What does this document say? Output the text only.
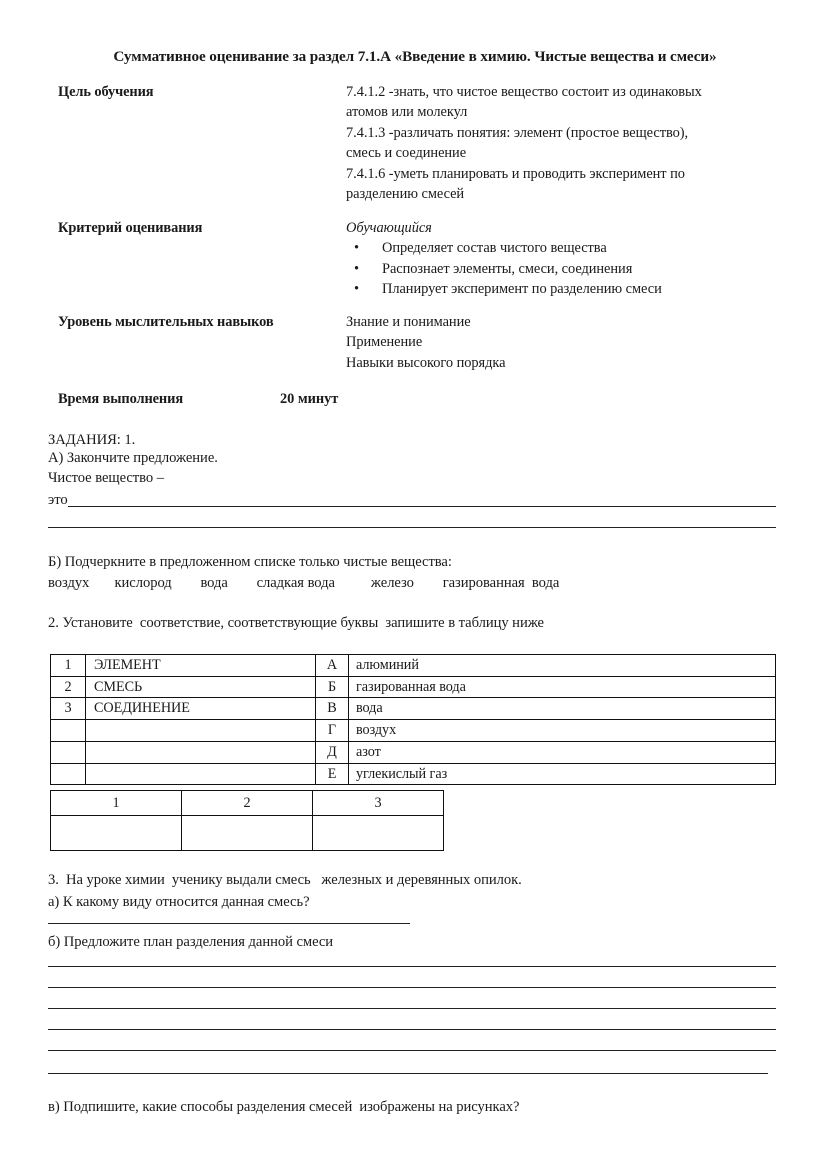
Суммативное оценивание за раздел 7.1.А «Введение в химию. Чистые вещества и смеси»
Цель обучения	7.4.1.2 -знать, что чистое вещество состоит из одинаковых
атомов или молекул
7.4.1.3 -различать понятия: элемент (простое вещество),
смесь и соединение
7.4.1.6 -уметь планировать и проводить эксперимент по
разделению смесей
Критерий оценивания	Обучающийся
• Определяет состав чистого вещества
• Распознает элементы, смеси, соединения
• Планирует эксперимент по разделению смеси
Уровень мыслительных навыков	Знание и понимание
Применение
Навыки высокого порядка
Время выполнения	20 минут
ЗАДАНИЯ: 1.
А) Закончите предложение.
Чистое вещество –
это
Б) Подчеркните в предложенном списке только чистые вещества:
воздух       кислород        вода        сладкая вода          железо        газированная  вода
2. Установите  соответствие, соответствующие буквы  запишите в таблицу ниже
1	ЭЛЕМЕНТ	А	алюминий
2	СМЕСЬ	Б	газированная вода
3	СОЕДИНЕНИЕ	В	вода
		Г	воздух
		Д	азот
		Е	углекислый газ
1	2	3

3.  На уроке химии  ученику выдали смесь   железных и деревянных опилок.
а) К какому виду относится данная смесь?
б) Предложите план разделения данной смеси
в) Подпишите, какие способы разделения смесей  изображены на рисунках?
